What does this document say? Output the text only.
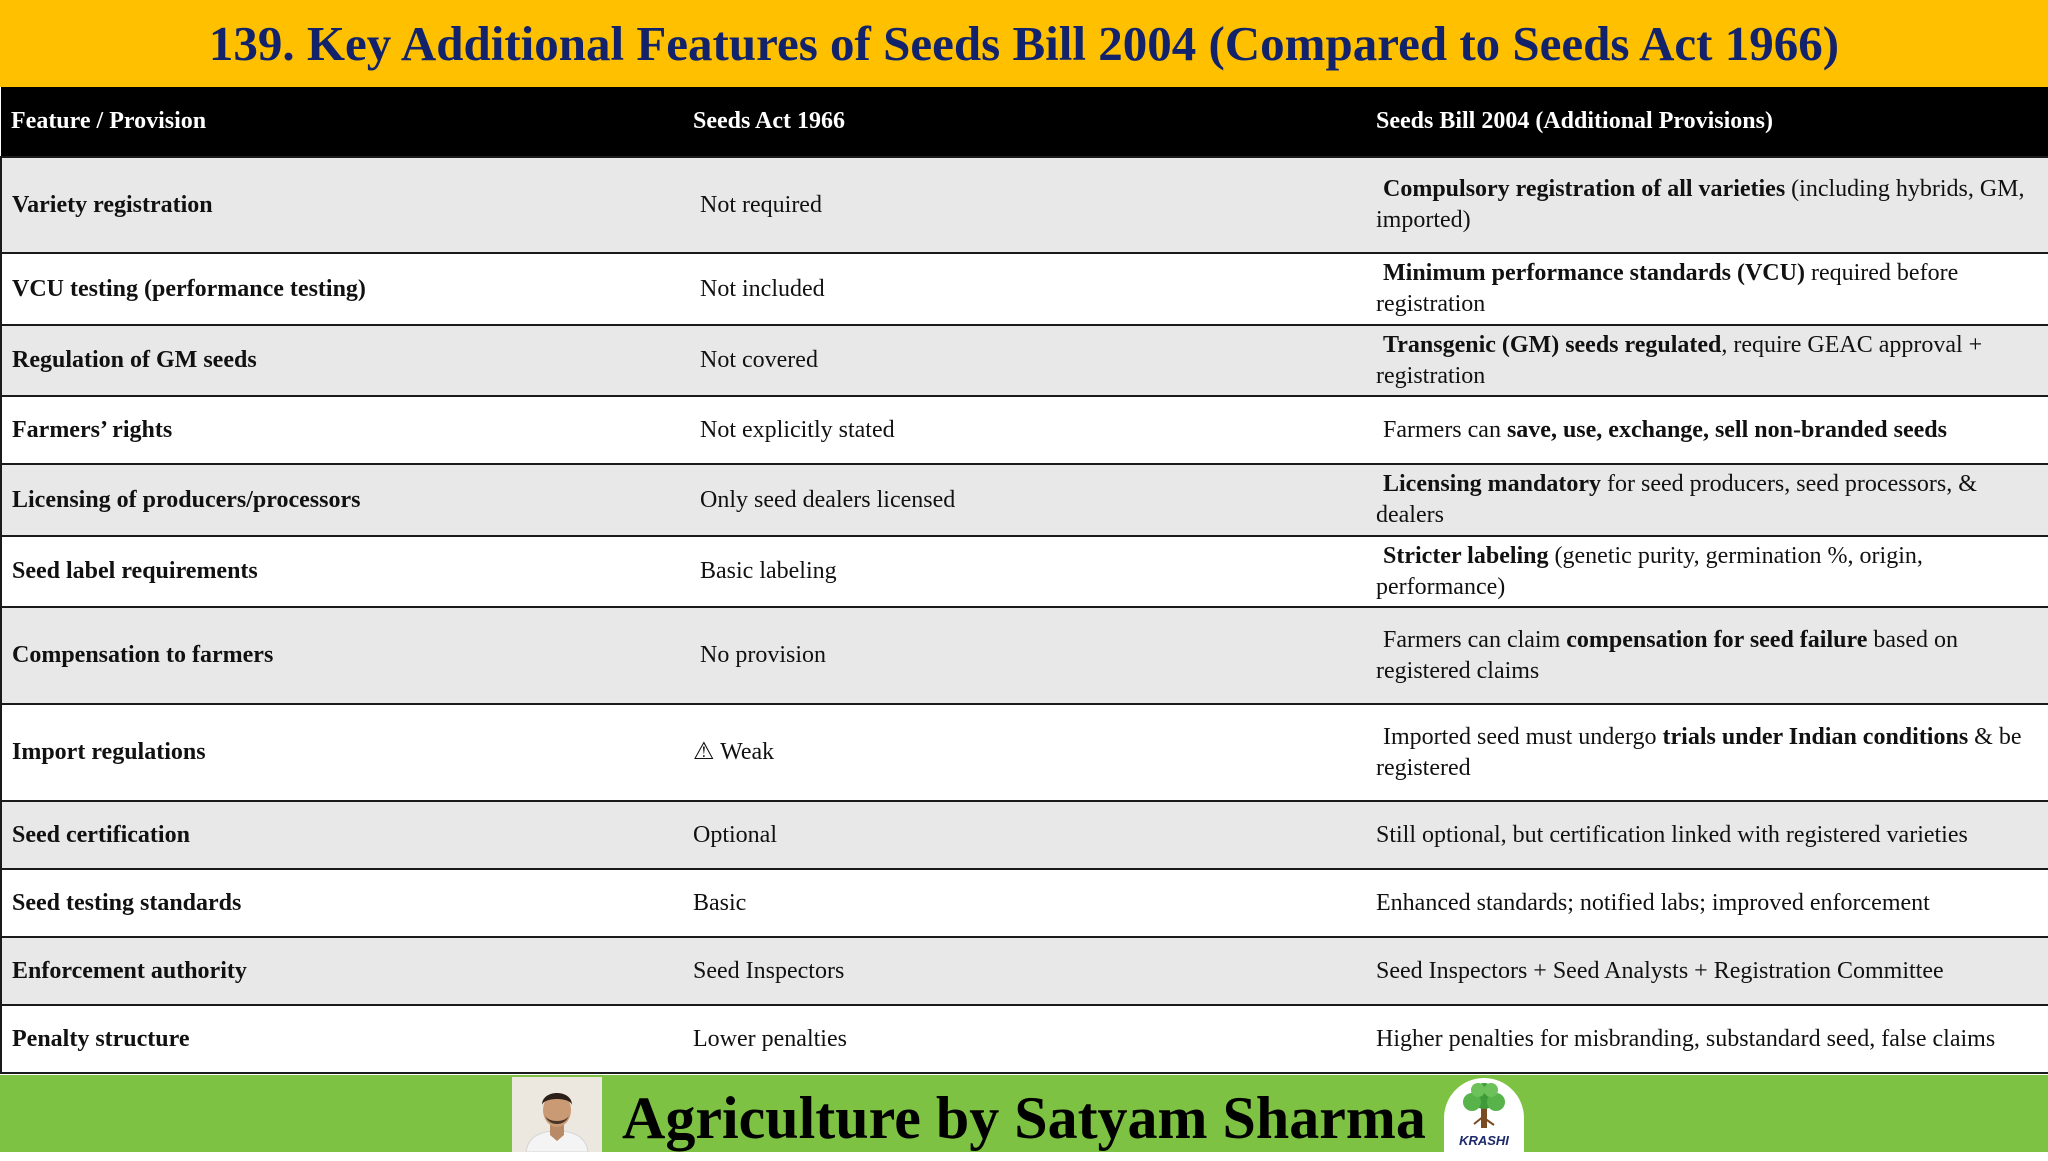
139. Key Additional Features of Seeds Bill 2004 (Compared to Seeds Act 1966)
Feature / Provision	Seeds Act 1966	Seeds Bill 2004 (Additional Provisions)
Variety registration	Not required	Compulsory registration of all varieties (including hybrids, GM, imported)
VCU testing (performance testing)	Not included	Minimum performance standards (VCU) required before registration
Regulation of GM seeds	Not covered	Transgenic (GM) seeds regulated, require GEAC approval + registration
Farmers’ rights	Not explicitly stated	Farmers can save, use, exchange, sell non-branded seeds
Licensing of producers/processors	Only seed dealers licensed	Licensing mandatory for seed producers, seed processors, & dealers
Seed label requirements	Basic labeling	Stricter labeling (genetic purity, germination %, origin, performance)
Compensation to farmers	No provision	Farmers can claim compensation for seed failure based on registered claims
Import regulations	⚠ Weak	Imported seed must undergo trials under Indian conditions & be registered
Seed certification	Optional	Still optional, but certification linked with registered varieties
Seed testing standards	Basic	Enhanced standards; notified labs; improved enforcement
Enforcement authority	Seed Inspectors	Seed Inspectors + Seed Analysts + Registration Committee
Penalty structure	Lower penalties	Higher penalties for misbranding, substandard seed, false claims
Agriculture by Satyam Sharma	KRASHI
